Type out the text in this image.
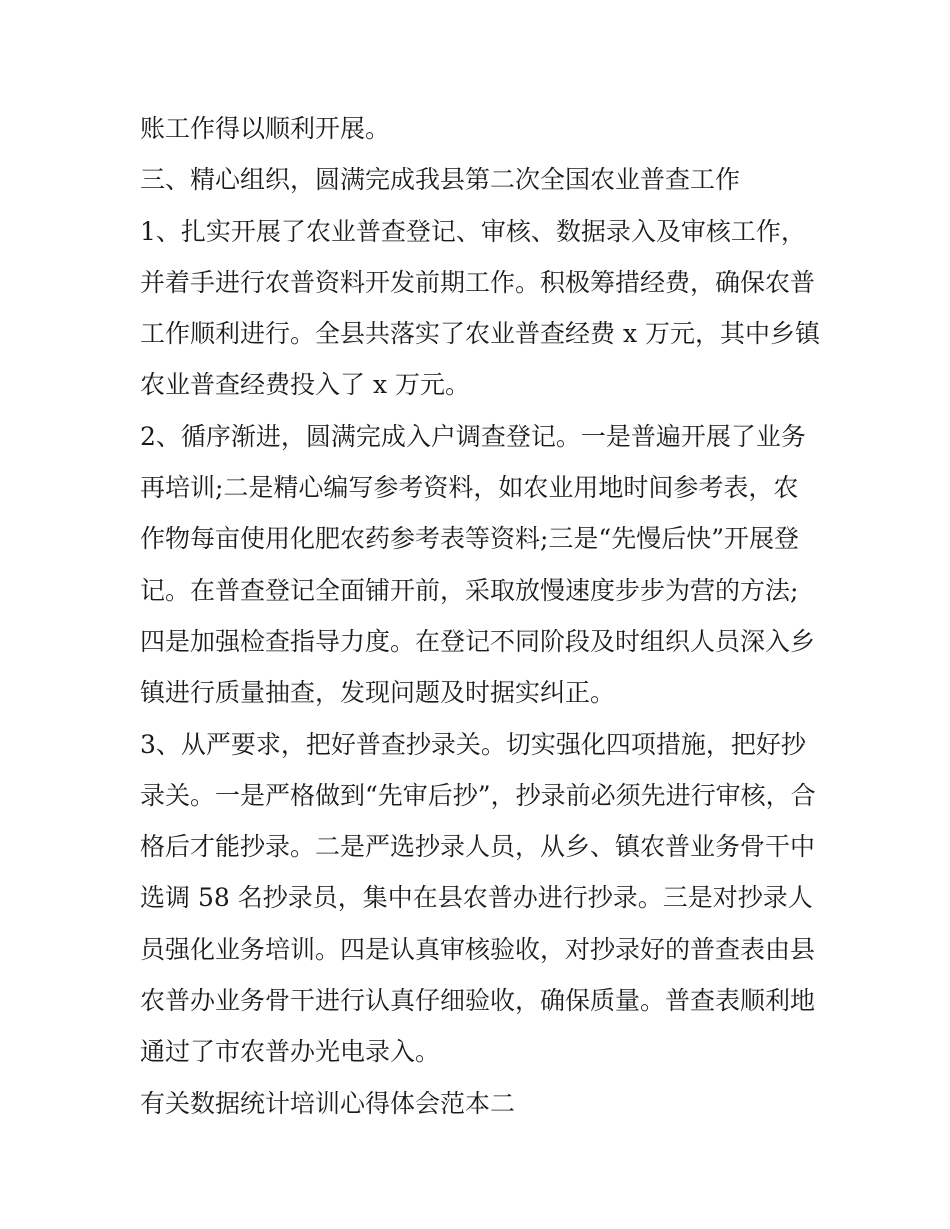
账工作得以顺利开展。

三、精心组织，圆满完成我县第二次全国农业普查工作

1、扎实开展了农业普查登记、审核、数据录入及审核工作，

并着手进行农普资料开发前期工作。积极筹措经费，确保农普

工作顺利进行。全县共落实了农业普查经费 x 万元，其中乡镇

农业普查经费投入了 x 万元。

2、循序渐进，圆满完成入户调查登记。一是普遍开展了业务

再培训;二是精心编写参考资料，如农业用地时间参考表，农

作物每亩使用化肥农药参考表等资料;三是“先慢后快”开展登

记。在普查登记全面铺开前，采取放慢速度步步为营的方法;

四是加强检查指导力度。在登记不同阶段及时组织人员深入乡

镇进行质量抽查，发现问题及时据实纠正。

3、从严要求，把好普查抄录关。切实强化四项措施，把好抄

录关。一是严格做到“先审后抄”，抄录前必须先进行审核，合

格后才能抄录。二是严选抄录人员，从乡、镇农普业务骨干中

选调 58 名抄录员，集中在县农普办进行抄录。三是对抄录人

员强化业务培训。四是认真审核验收，对抄录好的普查表由县

农普办业务骨干进行认真仔细验收，确保质量。普查表顺利地

通过了市农普办光电录入。

有关数据统计培训心得体会范本二
